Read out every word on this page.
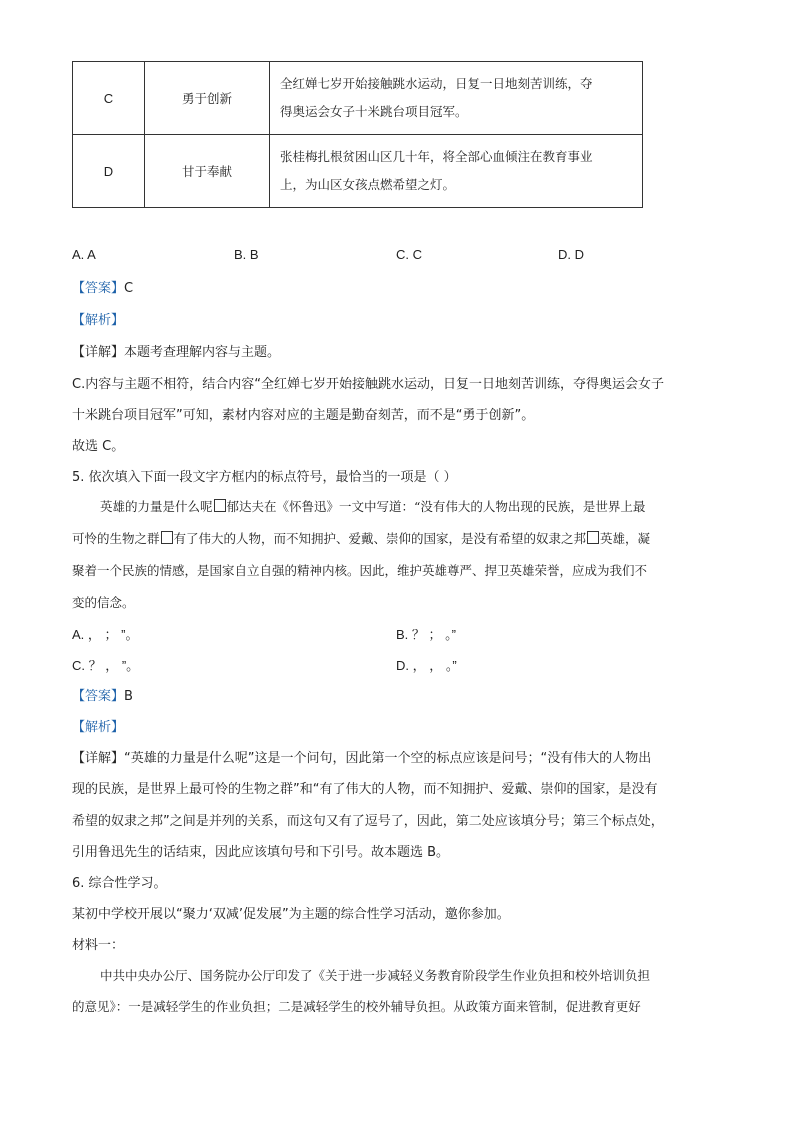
C	勇于创新	全红婵七岁开始接触跳水运动，日复一日地刻苦训练，夺
得奥运会女子十米跳台项目冠军。

D	甘于奉献	张桂梅扎根贫困山区几十年，将全部心血倾注在教育事业
上，为山区女孩点燃希望之灯。
A. A	B. B	C. C	D. D
【答案】C
【解析】
【详解】本题考查理解内容与主题。
C.内容与主题不相符，结合内容“全红婵七岁开始接触跳水运动，日复一日地刻苦训练，夺得奥运会女子
十米跳台项目冠军”可知，素材内容对应的主题是勤奋刻苦，而不是“勇于创新”。
故选 C。
5. 依次填入下面一段文字方框内的标点符号，最恰当的一项是（ ）
英雄的力量是什么呢 郁达夫在《怀鲁迅》一文中写道：“没有伟大的人物出现的民族，是世界上最
可怜的生物之群 有了伟大的人物，而不知拥护、爱戴、崇仰的国家，是没有希望的奴隶之邦 英雄，凝
聚着一个民族的情感，是国家自立自强的精神内核。因此，维护英雄尊严、捍卫英雄荣誉，应成为我们不
变的信念。
A. ， ； ”。	B. ？ ； 。”
C. ？ ， ”。	D. ， ， 。”
【答案】B
【解析】
【详解】“英雄的力量是什么呢”这是一个问句，因此第一个空的标点应该是问号；“没有伟大的人物出
现的民族，是世界上最可怜的生物之群”和“有了伟大的人物，而不知拥护、爱戴、崇仰的国家，是没有
希望的奴隶之邦”之间是并列的关系，而这句又有了逗号了，因此，第二处应该填分号；第三个标点处，
引用鲁迅先生的话结束，因此应该填句号和下引号。故本题选 B。
6. 综合性学习。
某初中学校开展以“聚力‘双减’促发展”为主题的综合性学习活动，邀你参加。
材料一：
中共中央办公厅、国务院办公厅印发了《关于进一步减轻义务教育阶段学生作业负担和校外培训负担
的意见》：一是减轻学生的作业负担；二是减轻学生的校外辅导负担。从政策方面来管制，促进教育更好
